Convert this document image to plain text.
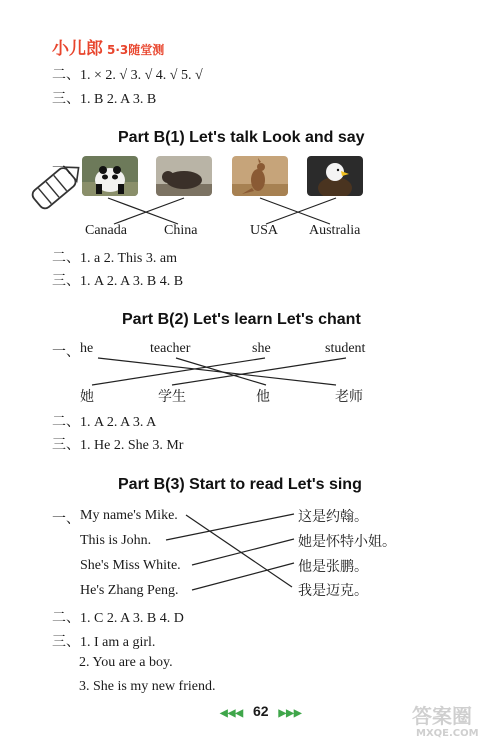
小儿郎 5·3随堂测
二、1. × 2. √ 3. √ 4. √ 5. √
三、1. B 2. A 3. B
Part B(1) Let's talk Look and say
一、
Canada	China	USA Australia
二、1. a 2. This 3. am
三、1. A 2. A 3. B 4. B
Part B(2) Let's learn Let's chant
一、 he	teacher	she	student
她	学生	他	老师
二、1. A 2. A 3. A
三、1. He 2. She 3. Mr
Part B(3) Start to read Let's sing
一、 My name's Mike.
This is John.
She's Miss White.
He's Zhang Peng.
这是约翰。
她是怀特小姐。
他是张鹏。
我是迈克。
二、1. C 2. A 3. B 4. D
三、1. I am a girl.
2. You are a boy.
3. She is my new friend.
◀◀◀ 62 ▶▶▶	答案圈
MXQE.COM
